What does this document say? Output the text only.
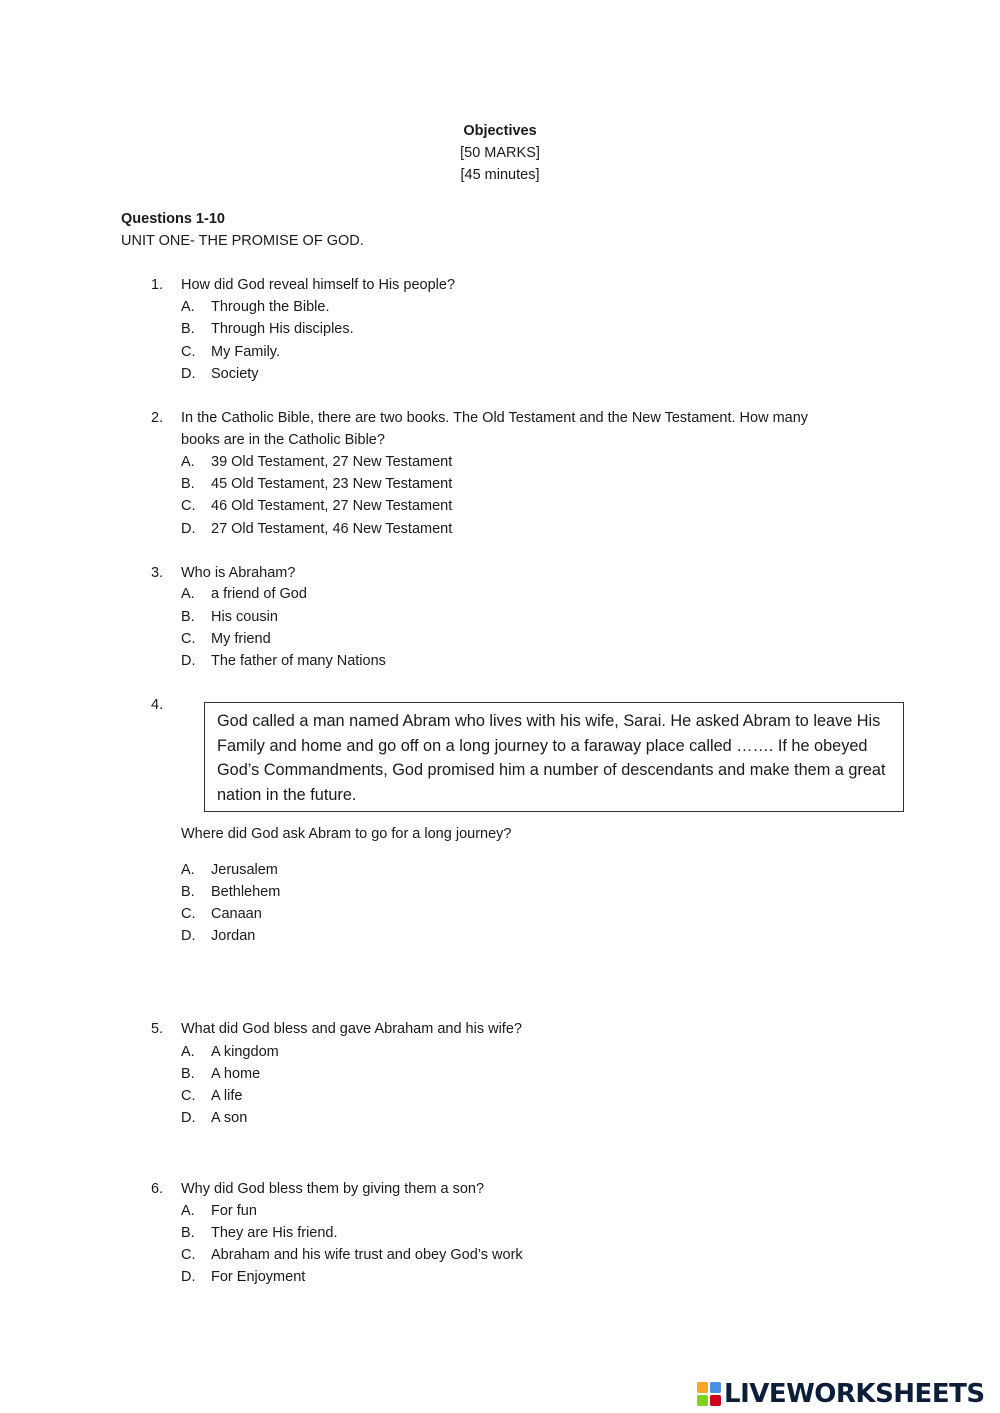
Objectives
[50 MARKS]
[45 minutes]
Questions 1-10
UNIT ONE- THE PROMISE OF GOD.
1. How did God reveal himself to His people?
A. Through the Bible.
B. Through His disciples.
C. My Family.
D. Society
2. In the Catholic Bible, there are two books. The Old Testament and the New Testament. How many
books are in the Catholic Bible?
A. 39 Old Testament, 27 New Testament
B. 45 Old Testament, 23 New Testament
C. 46 Old Testament, 27 New Testament
D. 27 Old Testament, 46 New Testament
3. Who is Abraham?
A. a friend of God
B. His cousin
C. My friend
D. The father of many Nations
4.
God called a man named Abram who lives with his wife, Sarai. He asked Abram to leave His Family and home and go off on a long journey to a faraway place called ……. If he obeyed God’s Commandments, God promised him a number of descendants and make them a great nation in the future.
Where did God ask Abram to go for a long journey?
A. Jerusalem
B. Bethlehem
C. Canaan
D. Jordan
5. What did God bless and gave Abraham and his wife?
A. A kingdom
B. A home
C. A life
D. A son
6. Why did God bless them by giving them a son?
A. For fun
B. They are His friend.
C. Abraham and his wife trust and obey God’s work
D. For Enjoyment
LIVEWORKSHEETS
